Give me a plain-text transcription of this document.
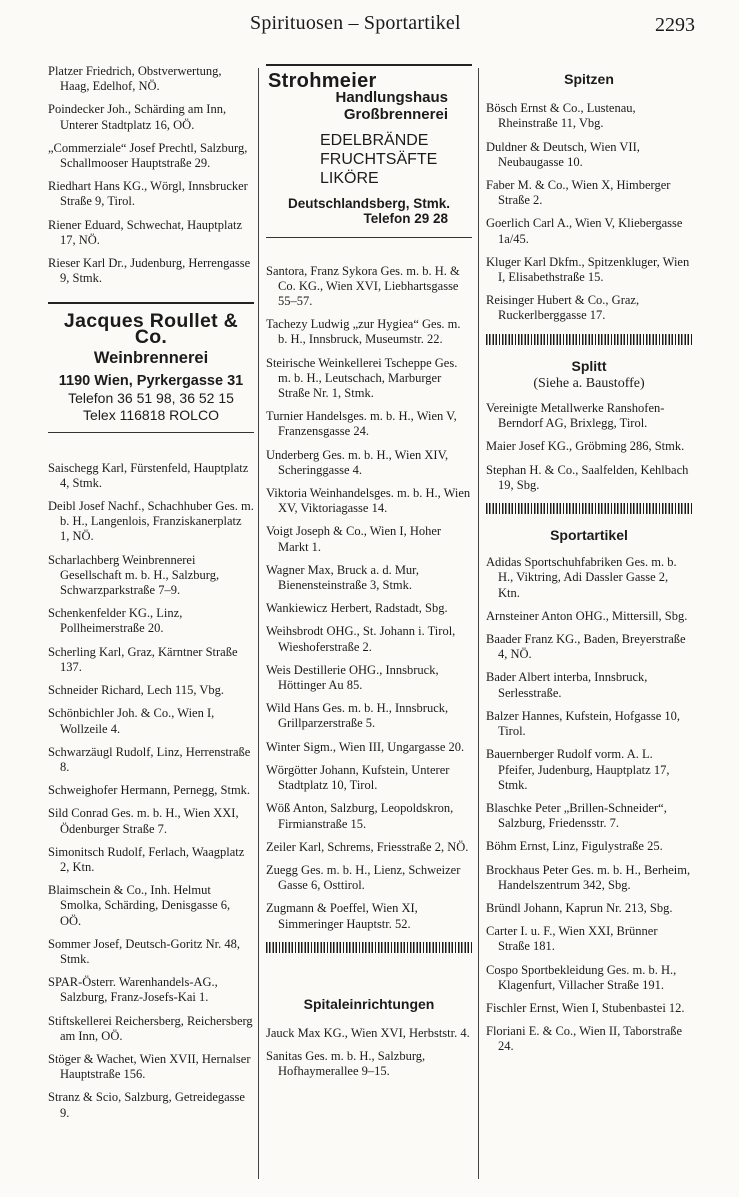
Spirituosen – Sportartikel	2293
Platzer Friedrich, Obstverwertung, Haag, Edelhof, NÖ.
Poindecker Joh., Schärding am Inn, Unterer Stadtplatz 16, OÖ.
„Commerziale“ Josef Prechtl, Salzburg, Schallmooser Hauptstraße 29.
Riedhart Hans KG., Wörgl, Innsbrucker Straße 9, Tirol.
Riener Eduard, Schwechat, Hauptplatz 17, NÖ.
Rieser Karl Dr., Judenburg, Herrengasse 9, Stmk.
Jacques Roullet & Co.
Weinbrennerei
1190 Wien, Pyrkergasse 31
Telefon 36 51 98, 36 52 15
Telex 116818 ROLCO
Saischegg Karl, Fürstenfeld, Hauptplatz 4, Stmk.
Deibl Josef Nachf., Schachhuber Ges. m. b. H., Langenlois, Franziskanerplatz 1, NÖ.
Scharlachberg Weinbrennerei Gesellschaft m. b. H., Salzburg, Schwarzparkstraße 7–9.
Schenkenfelder KG., Linz, Pollheimerstraße 20.
Scherling Karl, Graz, Kärntner Straße 137.
Schneider Richard, Lech 115, Vbg.
Schönbichler Joh. & Co., Wien I, Wollzeile 4.
Schwarzäugl Rudolf, Linz, Herrenstraße 8.
Schweighofer Hermann, Pernegg, Stmk.
Sild Conrad Ges. m. b. H., Wien XXI, Ödenburger Straße 7.
Simonitsch Rudolf, Ferlach, Waagplatz 2, Ktn.
Blaimschein & Co., Inh. Helmut Smolka, Schärding, Denisgasse 6, OÖ.
Sommer Josef, Deutsch-Goritz Nr. 48, Stmk.
SPAR-Österr. Warenhandels-AG., Salzburg, Franz-Josefs-Kai 1.
Stiftskellerei Reichersberg, Reichersberg am Inn, OÖ.
Stöger & Wachet, Wien XVII, Hernalser Hauptstraße 156.
Stranz & Scio, Salzburg, Getreidegasse 9.
Strohmeier
Handlungshaus
Großbrennerei
EDELBRÄNDE
FRUCHTSÄFTE
LIKÖRE
Deutschlandsberg, Stmk.
Telefon 29 28
Santora, Franz Sykora Ges. m. b. H. & Co. KG., Wien XVI, Liebhartsgasse 55–57.
Tachezy Ludwig „zur Hygiea“ Ges. m. b. H., Innsbruck, Museumstr. 22.
Steirische Weinkellerei Tscheppe Ges. m. b. H., Leutschach, Marburger Straße Nr. 1, Stmk.
Turnier Handelsges. m. b. H., Wien V, Franzensgasse 24.
Underberg Ges. m. b. H., Wien XIV, Scheringgasse 4.
Viktoria Weinhandelsges. m. b. H., Wien XV, Viktoriagasse 14.
Voigt Joseph & Co., Wien I, Hoher Markt 1.
Wagner Max, Bruck a. d. Mur, Bienensteinstraße 3, Stmk.
Wankiewicz Herbert, Radstadt, Sbg.
Weihsbrodt OHG., St. Johann i. Tirol, Wieshoferstraße 2.
Weis Destillerie OHG., Innsbruck, Höttinger Au 85.
Wild Hans Ges. m. b. H., Innsbruck, Grillparzerstraße 5.
Winter Sigm., Wien III, Ungargasse 20.
Wörgötter Johann, Kufstein, Unterer Stadtplatz 10, Tirol.
Wöß Anton, Salzburg, Leopoldskron, Firmianstraße 15.
Zeiler Karl, Schrems, Friesstraße 2, NÖ.
Zuegg Ges. m. b. H., Lienz, Schweizer Gasse 6, Osttirol.
Zugmann & Poeffel, Wien XI, Simmeringer Hauptstr. 52.
Spitaleinrichtungen
Jauck Max KG., Wien XVI, Herbststr. 4.
Sanitas Ges. m. b. H., Salzburg, Hofhaymerallee 9–15.
Spitzen
Bösch Ernst & Co., Lustenau, Rheinstraße 11, Vbg.
Duldner & Deutsch, Wien VII, Neubaugasse 10.
Faber M. & Co., Wien X, Himberger Straße 2.
Goerlich Carl A., Wien V, Kliebergasse 1a/45.
Kluger Karl Dkfm., Spitzenkluger, Wien I, Elisabethstraße 15.
Reisinger Hubert & Co., Graz, Ruckerlberggasse 17.
Splitt
(Siehe a. Baustoffe)
Vereinigte Metallwerke Ranshofen-Berndorf AG, Brixlegg, Tirol.
Maier Josef KG., Gröbming 286, Stmk.
Stephan H. & Co., Saalfelden, Kehlbach 19, Sbg.
Sportartikel
Adidas Sportschuhfabriken Ges. m. b. H., Viktring, Adi Dassler Gasse 2, Ktn.
Arnsteiner Anton OHG., Mittersill, Sbg.
Baader Franz KG., Baden, Breyerstraße 4, NÖ.
Bader Albert interba, Innsbruck, Serlesstraße.
Balzer Hannes, Kufstein, Hofgasse 10, Tirol.
Bauernberger Rudolf vorm. A. L. Pfeifer, Judenburg, Hauptplatz 17, Stmk.
Blaschke Peter „Brillen-Schneider“, Salzburg, Friedensstr. 7.
Böhm Ernst, Linz, Figulystraße 25.
Brockhaus Peter Ges. m. b. H., Berheim, Handelszentrum 342, Sbg.
Bründl Johann, Kaprun Nr. 213, Sbg.
Carter I. u. F., Wien XXI, Brünner Straße 181.
Cospo Sportbekleidung Ges. m. b. H., Klagenfurt, Villacher Straße 191.
Fischler Ernst, Wien I, Stubenbastei 12.
Floriani E. & Co., Wien II, Taborstraße 24.
